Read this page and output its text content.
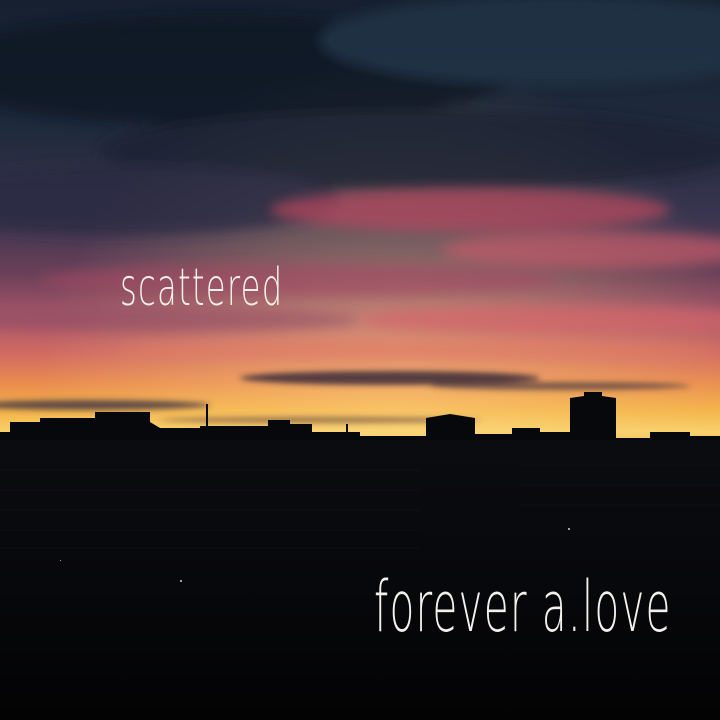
scattered
forever a.love
